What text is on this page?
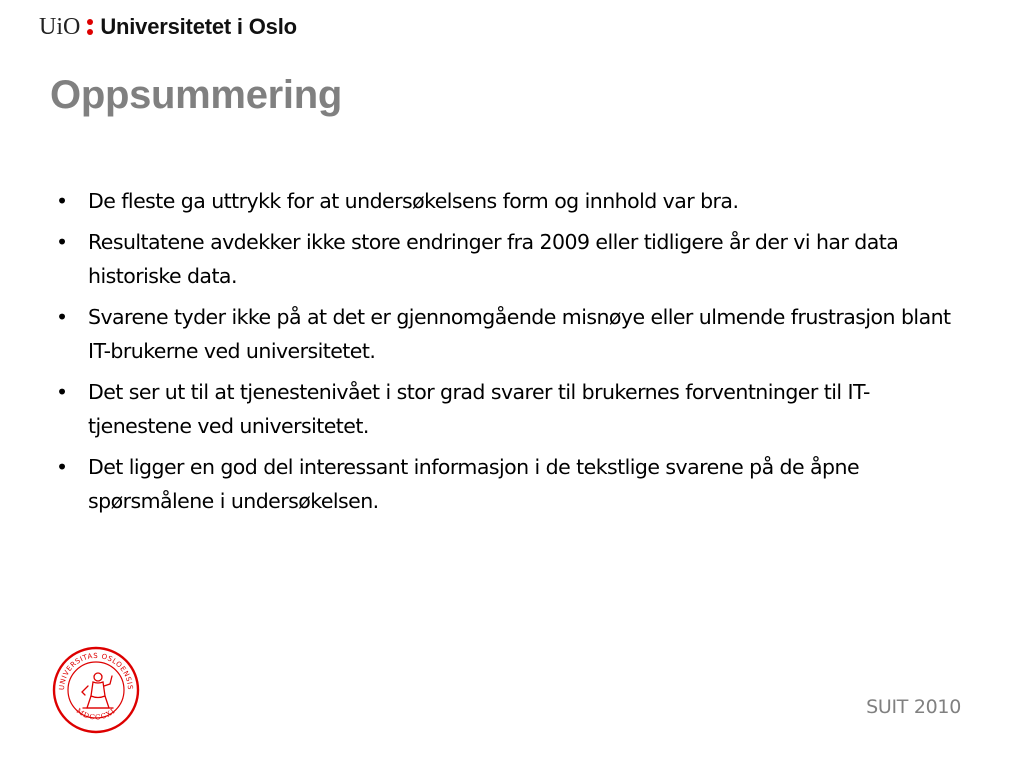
UiO Universitetet i Oslo
Oppsummering
• De fleste ga uttrykk for at undersøkelsens form og innhold var bra.
• Resultatene avdekker ikke store endringer fra 2009 eller tidligere år der vi har data historiske data.
• Svarene tyder ikke på at det er gjennomgående misnøye eller ulmende frustrasjon blant IT-brukerne ved universitetet.
• Det ser ut til at tjenestenivået i stor grad svarer til brukernes forventninger til IT-tjenestene ved universitetet.
• Det ligger en god del interessant informasjon i de tekstlige svarene på de åpne spørsmålene i undersøkelsen.
UNIVERSITAS OSLOENSIS
MDCCCXI	SUIT 2010
